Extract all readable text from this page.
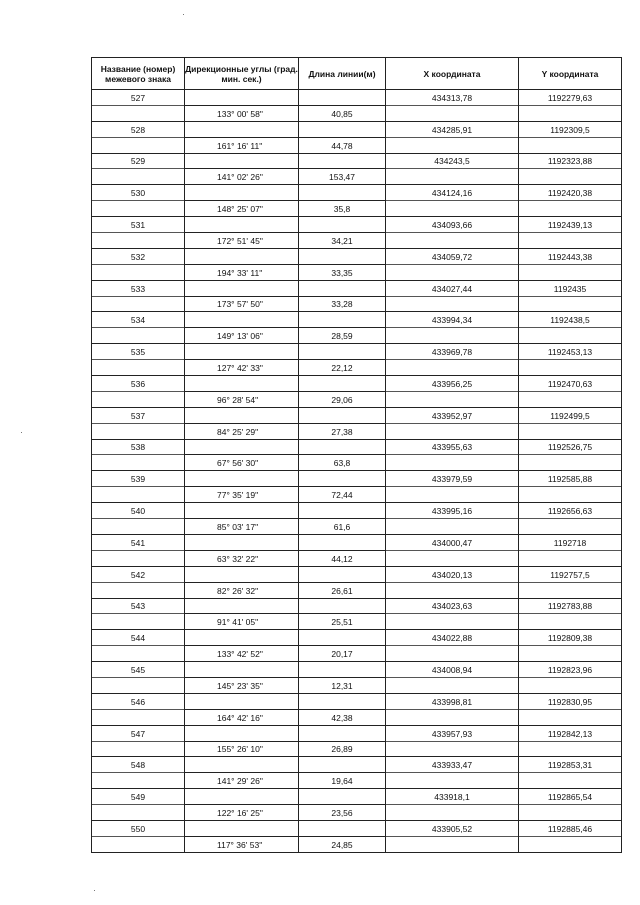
Название (номер) межевого знака	Дирекционные углы (град. мин. сек.)	Длина линии(м)	X координата	Y координата
527			434313,78	1192279,63
	133° 00' 58"	40,85		
528			434285,91	1192309,5
	161° 16' 11"	44,78		
529			434243,5	1192323,88
	141° 02' 26"	153,47		
530			434124,16	1192420,38
	148° 25' 07"	35,8		
531			434093,66	1192439,13
	172° 51' 45"	34,21		
532			434059,72	1192443,38
	194° 33' 11"	33,35		
533			434027,44	1192435
	173° 57' 50"	33,28		
534			433994,34	1192438,5
	149° 13' 06"	28,59		
535			433969,78	1192453,13
	127° 42' 33"	22,12		
536			433956,25	1192470,63
	96° 28' 54"	29,06		
537			433952,97	1192499,5
	84° 25' 29"	27,38		
538			433955,63	1192526,75
	67° 56' 30"	63,8		
539			433979,59	1192585,88
	77° 35' 19"	72,44		
540			433995,16	1192656,63
	85° 03' 17"	61,6		
541			434000,47	1192718
	63° 32' 22"	44,12		
542			434020,13	1192757,5
	82° 26' 32"	26,61		
543			434023,63	1192783,88
	91° 41' 05"	25,51		
544			434022,88	1192809,38
	133° 42' 52"	20,17		
545			434008,94	1192823,96
	145° 23' 35"	12,31		
546			433998,81	1192830,95
	164° 42' 16"	42,38		
547			433957,93	1192842,13
	155° 26' 10"	26,89		
548			433933,47	1192853,31
	141° 29' 26"	19,64		
549			433918,1	1192865,54
	122° 16' 25"	23,56		
550			433905,52	1192885,46
	117° 36' 53"	24,85		
